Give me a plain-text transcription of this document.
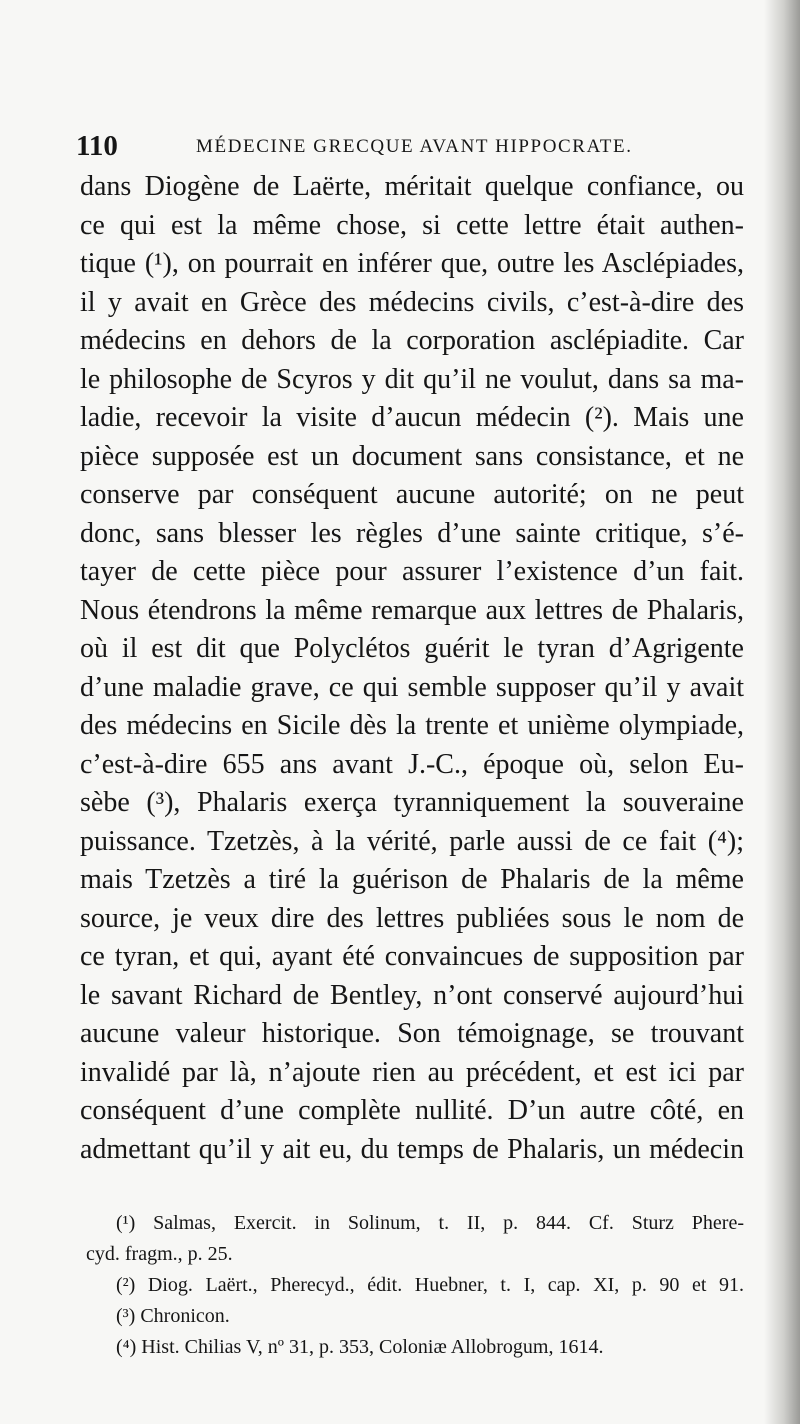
110	MÉDECINE GRECQUE AVANT HIPPOCRATE.
dans Diogène de Laërte, méritait quelque confiance, ou
ce qui est la même chose, si cette lettre était authen-
tique (¹), on pourrait en inférer que, outre les Asclépiades,
il y avait en Grèce des médecins civils, c’est-à-dire des
médecins en dehors de la corporation asclépiadite. Car
le philosophe de Scyros y dit qu’il ne voulut, dans sa ma-
ladie, recevoir la visite d’aucun médecin (²). Mais une
pièce supposée est un document sans consistance, et ne
conserve par conséquent aucune autorité; on ne peut
donc, sans blesser les règles d’une sainte critique, s’é-
tayer de cette pièce pour assurer l’existence d’un fait.
Nous étendrons la même remarque aux lettres de Phalaris,
où il est dit que Polyclétos guérit le tyran d’Agrigente
d’une maladie grave, ce qui semble supposer qu’il y avait
des médecins en Sicile dès la trente et unième olympiade,
c’est-à-dire 655 ans avant J.-C., époque où, selon Eu-
sèbe (³), Phalaris exerça tyranniquement la souveraine
puissance. Tzetzès, à la vérité, parle aussi de ce fait (⁴);
mais Tzetzès a tiré la guérison de Phalaris de la même
source, je veux dire des lettres publiées sous le nom de
ce tyran, et qui, ayant été convaincues de supposition par
le savant Richard de Bentley, n’ont conservé aujourd’hui
aucune valeur historique. Son témoignage, se trouvant
invalidé par là, n’ajoute rien au précédent, et est ici par
conséquent d’une complète nullité. D’un autre côté, en
admettant qu’il y ait eu, du temps de Phalaris, un médecin
(¹) Salmas, Exercit. in Solinum, t. II, p. 844. Cf. Sturz Phere-
cyd. fragm., p. 25.
(²) Diog. Laërt., Pherecyd., édit. Huebner, t. I, cap. XI, p. 90 et 91.
(³) Chronicon.
(⁴) Hist. Chilias V, nº 31, p. 353, Coloniæ Allobrogum, 1614.
